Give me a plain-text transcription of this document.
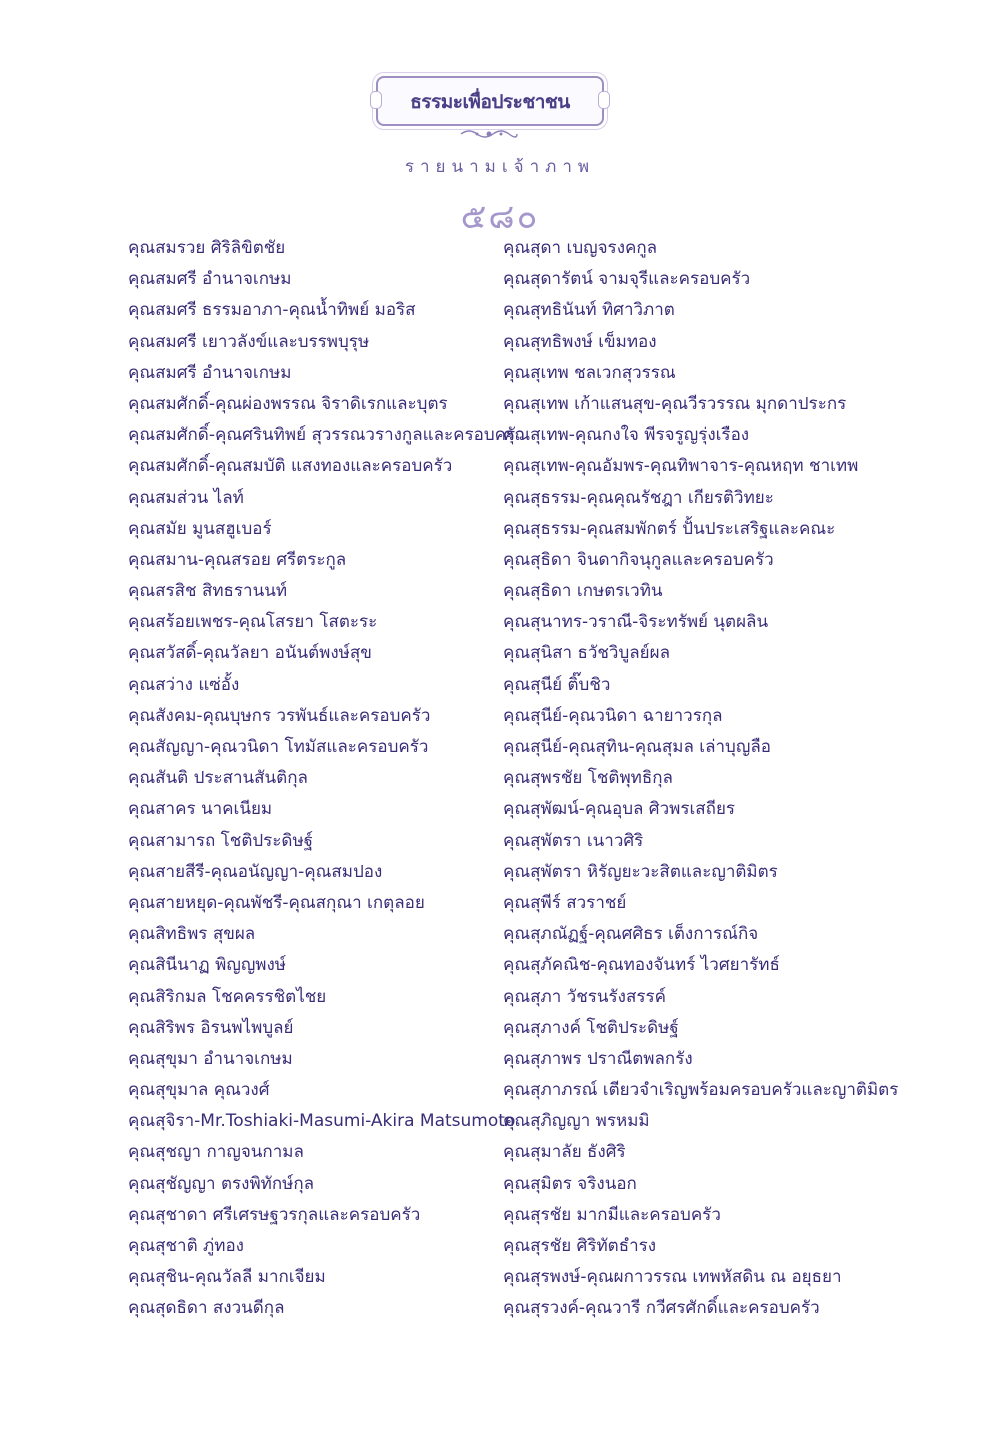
ธรรมะเพื่อประชาชน
รายนามเจ้าภาพ
๕๘๐
คุณสมรวย ศิริลิขิตชัย
คุณสมศรี อำนาจเกษม
คุณสมศรี ธรรมอาภา-คุณน้ำทิพย์ มอริส
คุณสมศรี เยาวลังข์และบรรพบุรุษ
คุณสมศรี อำนาจเกษม
คุณสมศักดิ์-คุณผ่องพรรณ จิราดิเรกและบุตร
คุณสมศักดิ์-คุณศรินทิพย์ สุวรรณวรางกูลและครอบครัว
คุณสมศักดิ์-คุณสมบัติ แสงทองและครอบครัว
คุณสมส่วน ไลท์
คุณสมัย มูนสฮูเบอร์
คุณสมาน-คุณสรอย ศรีตระกูล
คุณสรสิช สิทธรานนท์
คุณสร้อยเพชร-คุณโสรยา โสตะระ
คุณสวัสดิ์-คุณวัลยา อนันต์พงษ์สุข
คุณสว่าง แซ่อั้ง
คุณสังคม-คุณบุษกร วรพันธ์และครอบครัว
คุณสัญญา-คุณวนิดา โทมัสและครอบครัว
คุณสันติ ประสานสันติกุล
คุณสาคร นาคเนียม
คุณสามารถ โชติประดิษฐ์
คุณสายสีรี-คุณอนัญญา-คุณสมปอง
คุณสายหยุด-คุณพัชรี-คุณสกุณา เกตุลอย
คุณสิทธิพร สุขผล
คุณสินีนาฏ พิญญพงษ์
คุณสิริกมล โชคครรชิตไชย
คุณสิริพร อิรนพไพบูลย์
คุณสุขุมา อำนาจเกษม
คุณสุขุมาล คุณวงศ์
คุณสุจิรา-Mr.Toshiaki-Masumi-Akira Matsumoto
คุณสุชญา กาญจนกามล
คุณสุชัญญา ตรงพิทักษ์กุล
คุณสุชาดา ศรีเศรษฐวรกุลและครอบครัว
คุณสุชาติ ภู่ทอง
คุณสุชิน-คุณวัลลี มากเจียม
คุณสุดธิดา สงวนดีกุล
คุณสุดา เบญจรงคกูล
คุณสุดารัตน์ จามจุรีและครอบครัว
คุณสุทธินันท์ ทิศาวิภาต
คุณสุทธิพงษ์ เข็มทอง
คุณสุเทพ ชลเวกสุวรรณ
คุณสุเทพ เก้าแสนสุข-คุณวีรวรรณ มุกดาประกร
คุณสุเทพ-คุณกงใจ พีรจรูญรุ่งเรือง
คุณสุเทพ-คุณอัมพร-คุณทิพาจาร-คุณหฤท ชาเทพ
คุณสุธรรม-คุณคุณรัชฎา เกียรติวิทยะ
คุณสุธรรม-คุณสมพักตร์ ปั้นประเสริฐและคณะ
คุณสุธิดา จินดากิจนุกูลและครอบครัว
คุณสุธิดา เกษตรเวทิน
คุณสุนาทร-วราณี-จิระทรัพย์ นุตผลิน
คุณสุนิสา ธวัชวิบูลย์ผล
คุณสุนีย์ ติ๊บชิว
คุณสุนีย์-คุณวนิดา ฉายาวรกุล
คุณสุนีย์-คุณสุทิน-คุณสุมล เล่าบุญลือ
คุณสุพรชัย โชติพุทธิกุล
คุณสุพัฒน์-คุณอุบล ศิวพรเสถียร
คุณสุพัตรา เนาวศิริ
คุณสุพัตรา หิรัญยะวะสิตและญาติมิตร
คุณสุพีร์ สวราชย์
คุณสุภณัฏฐ์-คุณศศิธร เต็งการณ์กิจ
คุณสุภัคณิช-คุณทองจันทร์ ไวศยารัทธ์
คุณสุภา วัชรนรังสรรค์
คุณสุภางค์ โชติประดิษฐ์
คุณสุภาพร ปราณีตพลกรัง
คุณสุภาภรณ์ เตียวจำเริญพร้อมครอบครัวและญาติมิตร
คุณสุภิญญา พรหมมิ
คุณสุมาลัย ธังศิริ
คุณสุมิตร จริงนอก
คุณสุรชัย มากมีและครอบครัว
คุณสุรชัย ศิริทัตธำรง
คุณสุรพงษ์-คุณผกาวรรณ เทพหัสดิน ณ อยุธยา
คุณสุรวงค์-คุณวารี กวีศรศักดิ์และครอบครัว
